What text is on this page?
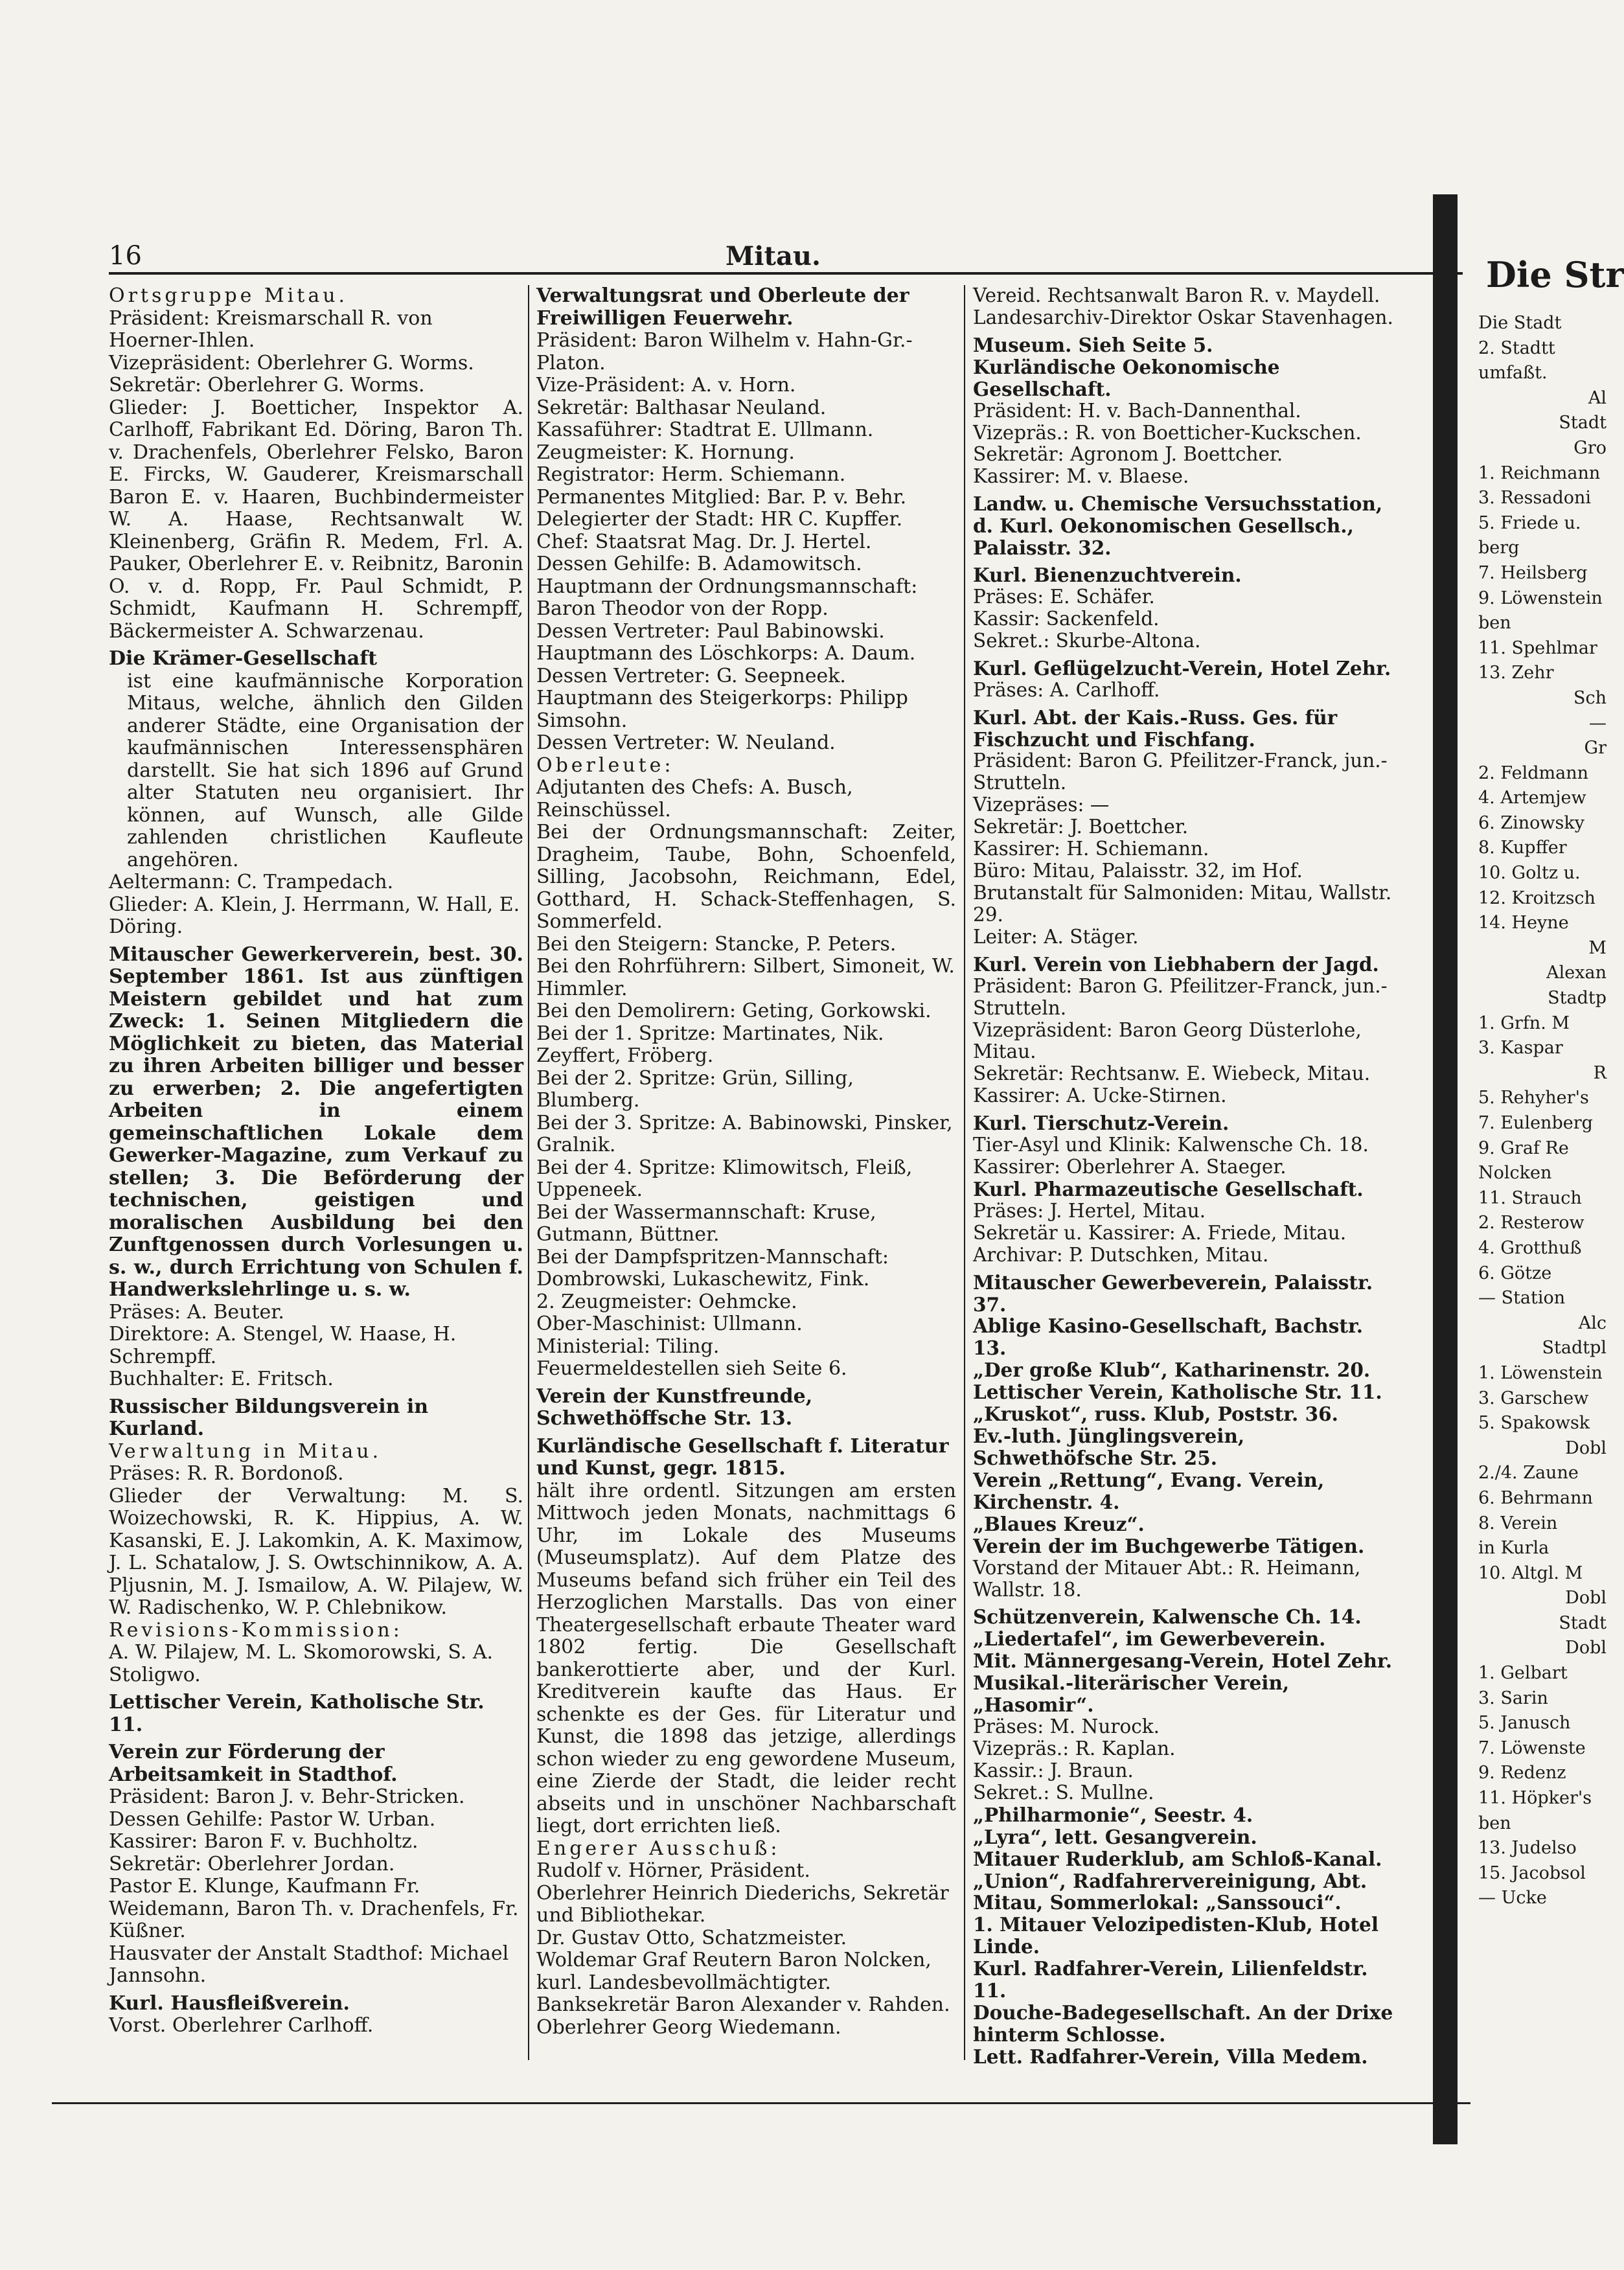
16	Mitau.

Ortsgruppe Mitau.

Präsident: Kreismarschall R. von Hoerner-Ihlen.

Vizepräsident: Oberlehrer G. Worms.

Sekretär: Oberlehrer G. Worms.

Glieder: J. Boetticher, Inspektor A. Carlhoff, Fabrikant Ed. Döring, Baron Th. v. Drachenfels, Oberlehrer Felsko, Baron E. Fircks, W. Gauderer, Kreismarschall Baron E. v. Haaren, Buchbindermeister W. A. Haase, Rechtsanwalt W. Kleinenberg, Gräfin R. Medem, Frl. A. Pauker, Oberlehrer E. v. Reibnitz, Baronin O. v. d. Ropp, Fr. Paul Schmidt, P. Schmidt, Kaufmann H. Schrempff, Bäckermeister A. Schwarzenau.

Die Krämer-Gesellschaft

ist eine kaufmännische Korporation Mitaus, welche, ähnlich den Gilden anderer Städte, eine Organisation der kaufmännischen Interessensphären darstellt. Sie hat sich 1896 auf Grund alter Statuten neu organisiert. Ihr können, auf Wunsch, alle Gilde zahlenden christlichen Kaufleute angehören.

Aeltermann: C. Trampedach.

Glieder: A. Klein, J. Herrmann, W. Hall, E. Döring.

Mitauscher Gewerkerverein, best. 30. September 1861. Ist aus zünftigen Meistern gebildet und hat zum Zweck: 1. Seinen Mitgliedern die Möglichkeit zu bieten, das Material zu ihren Arbeiten billiger und besser zu erwerben; 2. Die angefertigten Arbeiten in einem gemeinschaftlichen Lokale dem Gewerker-Magazine, zum Verkauf zu stellen; 3. Die Beförderung der technischen, geistigen und moralischen Ausbildung bei den Zunftgenossen durch Vorlesungen u. s. w., durch Errichtung von Schulen f. Handwerkslehrlinge u. s. w.

Präses: A. Beuter.

Direktore: A. Stengel, W. Haase, H. Schrempff.

Buchhalter: E. Fritsch.

Russischer Bildungsverein in Kurland.

Verwaltung in Mitau.

Präses: R. R. Bordonoß.

Glieder der Verwaltung: M. S. Woizechowski, R. K. Hippius, A. W. Kasanski, E. J. Lakomkin, A. K. Maximow, J. L. Schatalow, J. S. Owtschinnikow, A. A. Pljusnin, M. J. Ismailow, A. W. Pilajew, W. W. Radischenko, W. P. Chlebnikow.

Revisions-Kommission:

A. W. Pilajew, M. L. Skomorowski, S. A. Stoligwo.

Lettischer Verein, Katholische Str. 11.

Verein zur Förderung der Arbeitsamkeit in Stadthof.

Präsident: Baron J. v. Behr-Stricken.

Dessen Gehilfe: Pastor W. Urban.

Kassirer: Baron F. v. Buchholtz.

Sekretär: Oberlehrer Jordan.

Pastor E. Klunge, Kaufmann Fr. Weidemann, Baron Th. v. Drachenfels, Fr. Küßner.

Hausvater der Anstalt Stadthof: Michael Jannsohn.

Kurl. Hausfleißverein.

Vorst. Oberlehrer Carlhoff.

Verwaltungsrat und Oberleute der Freiwilligen Feuerwehr.

Präsident: Baron Wilhelm v. Hahn-Gr.-Platon.

Vize-Präsident: A. v. Horn.

Sekretär: Balthasar Neuland.

Kassaführer: Stadtrat E. Ullmann.

Zeugmeister: K. Hornung.

Registrator: Herm. Schiemann.

Permanentes Mitglied: Bar. P. v. Behr.

Delegierter der Stadt: HR C. Kupffer.

Chef: Staatsrat Mag. Dr. J. Hertel.

Dessen Gehilfe: B. Adamowitsch.

Hauptmann der Ordnungsmannschaft: Baron Theodor von der Ropp.

Dessen Vertreter: Paul Babinowski.

Hauptmann des Löschkorps: A. Daum.

Dessen Vertreter: G. Seepneek.

Hauptmann des Steigerkorps: Philipp Simsohn.

Dessen Vertreter: W. Neuland.

Oberleute:

Adjutanten des Chefs: A. Busch, Reinschüssel.

Bei der Ordnungsmannschaft: Zeiter, Dragheim, Taube, Bohn, Schoenfeld, Silling, Jacobsohn, Reichmann, Edel, Gotthard, H. Schack-Steffenhagen, S. Sommerfeld.

Bei den Steigern: Stancke, P. Peters.

Bei den Rohrführern: Silbert, Simoneit, W. Himmler.

Bei den Demolirern: Geting, Gorkowski.

Bei der 1. Spritze: Martinates, Nik. Zeyffert, Fröberg.

Bei der 2. Spritze: Grün, Silling, Blumberg.

Bei der 3. Spritze: A. Babinowski, Pinsker, Gralnik.

Bei der 4. Spritze: Klimowitsch, Fleiß, Uppeneek.

Bei der Wassermannschaft: Kruse, Gutmann, Büttner.

Bei der Dampfspritzen-Mannschaft: Dombrowski, Lukaschewitz, Fink.

2. Zeugmeister: Oehmcke.

Ober-Maschinist: Ullmann.

Ministerial: Tiling.

Feuermeldestellen sieh Seite 6.

Verein der Kunstfreunde, Schwethöffsche Str. 13.

Kurländische Gesellschaft f. Literatur und Kunst, gegr. 1815.

hält ihre ordentl. Sitzungen am ersten Mittwoch jeden Monats, nachmittags 6 Uhr, im Lokale des Museums (Museumsplatz). Auf dem Platze des Museums befand sich früher ein Teil des Herzoglichen Marstalls. Das von einer Theatergesellschaft erbaute Theater ward 1802 fertig. Die Gesellschaft bankerottierte aber, und der Kurl. Kreditverein kaufte das Haus. Er schenkte es der Ges. für Literatur und Kunst, die 1898 das jetzige, allerdings schon wieder zu eng gewordene Museum, eine Zierde der Stadt, die leider recht abseits und in unschöner Nachbarschaft liegt, dort errichten ließ.

Engerer Ausschuß:

Rudolf v. Hörner, Präsident.

Oberlehrer Heinrich Diederichs, Sekretär und Bibliothekar.

Dr. Gustav Otto, Schatzmeister.

Woldemar Graf Reutern Baron Nolcken, kurl. Landesbevollmächtigter.

Banksekretär Baron Alexander v. Rahden.

Oberlehrer Georg Wiedemann.

Vereid. Rechtsanwalt Baron R. v. Maydell.

Landesarchiv-Direktor Oskar Stavenhagen.

Museum. Sieh Seite 5.

Kurländische Oekonomische Gesellschaft.

Präsident: H. v. Bach-Dannenthal.

Vizepräs.: R. von Boetticher-Kuckschen.

Sekretär: Agronom J. Boettcher.

Kassirer: M. v. Blaese.

Landw. u. Chemische Versuchsstation, d. Kurl. Oekonomischen Gesellsch., Palaisstr. 32.

Kurl. Bienenzuchtverein.

Präses: E. Schäfer.

Kassir: Sackenfeld.

Sekret.: Skurbe-Altona.

Kurl. Geflügelzucht-Verein, Hotel Zehr.

Präses: A. Carlhoff.

Kurl. Abt. der Kais.-Russ. Ges. für Fischzucht und Fischfang.

Präsident: Baron G. Pfeilitzer-Franck, jun.-Strutteln.

Vizepräses: —

Sekretär: J. Boettcher.

Kassirer: H. Schiemann.

Büro: Mitau, Palaisstr. 32, im Hof.

Brutanstalt für Salmoniden: Mitau, Wallstr. 29.

Leiter: A. Stäger.

Kurl. Verein von Liebhabern der Jagd.

Präsident: Baron G. Pfeilitzer-Franck, jun.-Strutteln.

Vizepräsident: Baron Georg Düsterlohe, Mitau.

Sekretär: Rechtsanw. E. Wiebeck, Mitau.

Kassirer: A. Ucke-Stirnen.

Kurl. Tierschutz-Verein.

Tier-Asyl und Klinik: Kalwensche Ch. 18.

Kassirer: Oberlehrer A. Staeger.

Kurl. Pharmazeutische Gesellschaft.

Präses: J. Hertel, Mitau.

Sekretär u. Kassirer: A. Friede, Mitau.

Archivar: P. Dutschken, Mitau.

Mitauscher Gewerbeverein, Palaisstr. 37.

Ablige Kasino-Gesellschaft, Bachstr. 13.

„Der große Klub“, Katharinenstr. 20.

Lettischer Verein, Katholische Str. 11.

„Kruskot“, russ. Klub, Poststr. 36.

Ev.-luth. Jünglingsverein, Schwethöfsche Str. 25.

Verein „Rettung“, Evang. Verein, Kirchenstr. 4.

„Blaues Kreuz“.

Verein der im Buchgewerbe Tätigen.

Vorstand der Mitauer Abt.: R. Heimann, Wallstr. 18.

Schützenverein, Kalwensche Ch. 14.

„Liedertafel“, im Gewerbeverein.

Mit. Männergesang-Verein, Hotel Zehr.

Musikal.-literärischer Verein, „Hasomir“.

Präses: M. Nurock.

Vizepräs.: R. Kaplan.

Kassir.: J. Braun.

Sekret.: S. Mullne.

„Philharmonie“, Seestr. 4.

„Lyra“, lett. Gesangverein.

Mitauer Ruderklub, am Schloß-Kanal.

„Union“, Radfahrervereinigung, Abt. Mitau, Sommerlokal: „Sanssouci“.

1. Mitauer Velozipedisten-Klub, Hotel Linde.

Kurl. Radfahrer-Verein, Lilienfeldstr. 11.

Douche-Badegesellschaft. An der Drixe hinterm Schlosse.

Lett. Radfahrer-Verein, Villa Medem.

Die Str

Die Stadt

2. Stadtt

umfaßt.

Al

Stadt

Gro

1. Reichmann

3. Ressadoni

5. Friede u.

berg

7. Heilsberg

9. Löwenstein

ben

11. Spehlmar

13. Zehr

Sch

—

Gr

2. Feldmann

4. Artemjew

6. Zinowsky

8. Kupffer

10. Goltz u.

12. Kroitzsch

14. Heyne

M

Alexan

Stadtp

1. Grfn. M

3. Kaspar

R

5. Rehyher's

7. Eulenberg

9. Graf Re

Nolcken

11. Strauch

2. Resterow

4. Grotthuß

6. Götze

— Station

Alc

Stadtpl

1. Löwenstein

3. Garschew

5. Spakowsk

Dobl

2./4. Zaune

6. Behrmann

8. Verein

in Kurla

10. Altgl. M

Dobl

Stadt

Dobl

1. Gelbart

3. Sarin

5. Janusch

7. Löwenste

9. Redenz

11. Höpker's

ben

13. Judelso

15. Jacobsol

— Ucke
